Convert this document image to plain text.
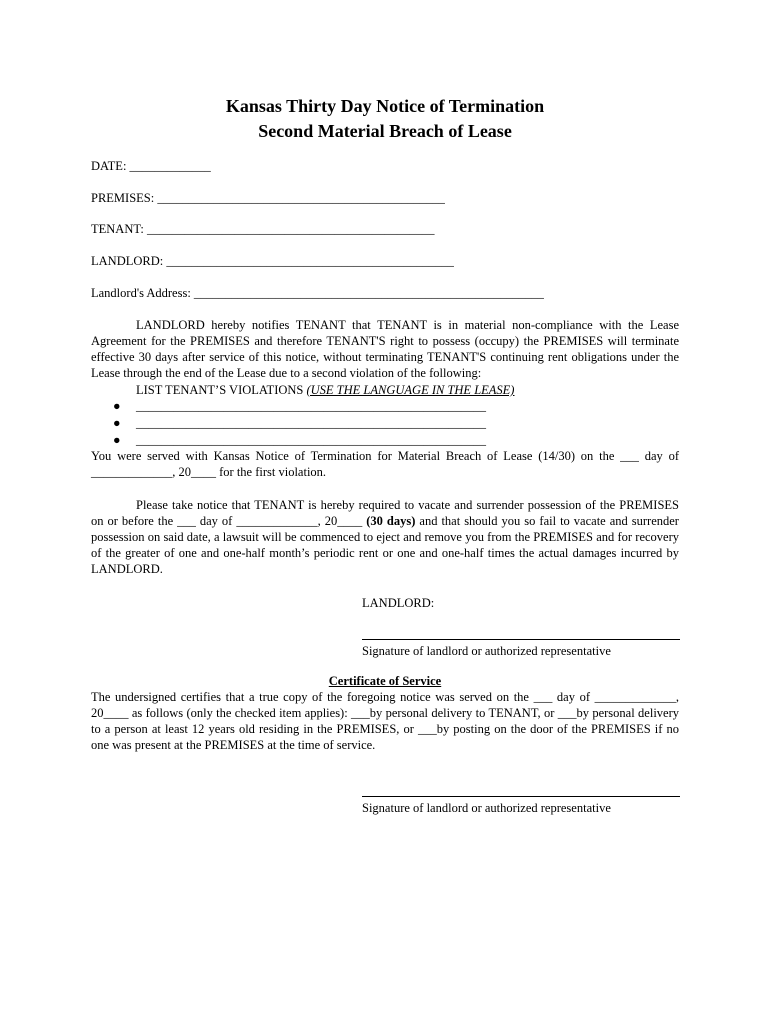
Kansas Thirty Day Notice of Termination
Second Material Breach of Lease
DATE: _____________
PREMISES: ______________________________________________
TENANT: ______________________________________________
LANDLORD: ______________________________________________
Landlord's Address: ________________________________________________________
LANDLORD hereby notifies TENANT that TENANT is in material non-compliance with the Lease Agreement for the PREMISES and therefore TENANT'S right to possess (occupy) the PREMISES will terminate effective 30 days after service of this notice, without terminating TENANT'S continuing rent obligations under the Lease through the end of the Lease due to a second violation of the following:
LIST TENANT’S VIOLATIONS (USE THE LANGUAGE IN THE LEASE)
● ________________________________________________________
● ________________________________________________________
● ________________________________________________________
You were served with Kansas Notice of Termination for Material Breach of Lease (14/30) on the ___ day of _____________, 20____ for the first violation.
Please take notice that TENANT is hereby required to vacate and surrender possession of the PREMISES on or before the ___ day of _____________, 20____ (30 days) and that should you so fail to vacate and surrender possession on said date, a lawsuit will be commenced to eject and remove you from the PREMISES and for recovery of the greater of one and one-half month’s periodic rent or one and one-half times the actual damages incurred by LANDLORD.
LANDLORD:
Signature of landlord or authorized representative
Certificate of Service
The undersigned certifies that a true copy of the foregoing notice was served on the ___ day of _____________, 20____ as follows (only the checked item applies): ___by personal delivery to TENANT, or ___by personal delivery to a person at least 12 years old residing in the PREMISES, or ___by posting on the door of the PREMISES if no one was present at the PREMISES at the time of service.
Signature of landlord or authorized representative
